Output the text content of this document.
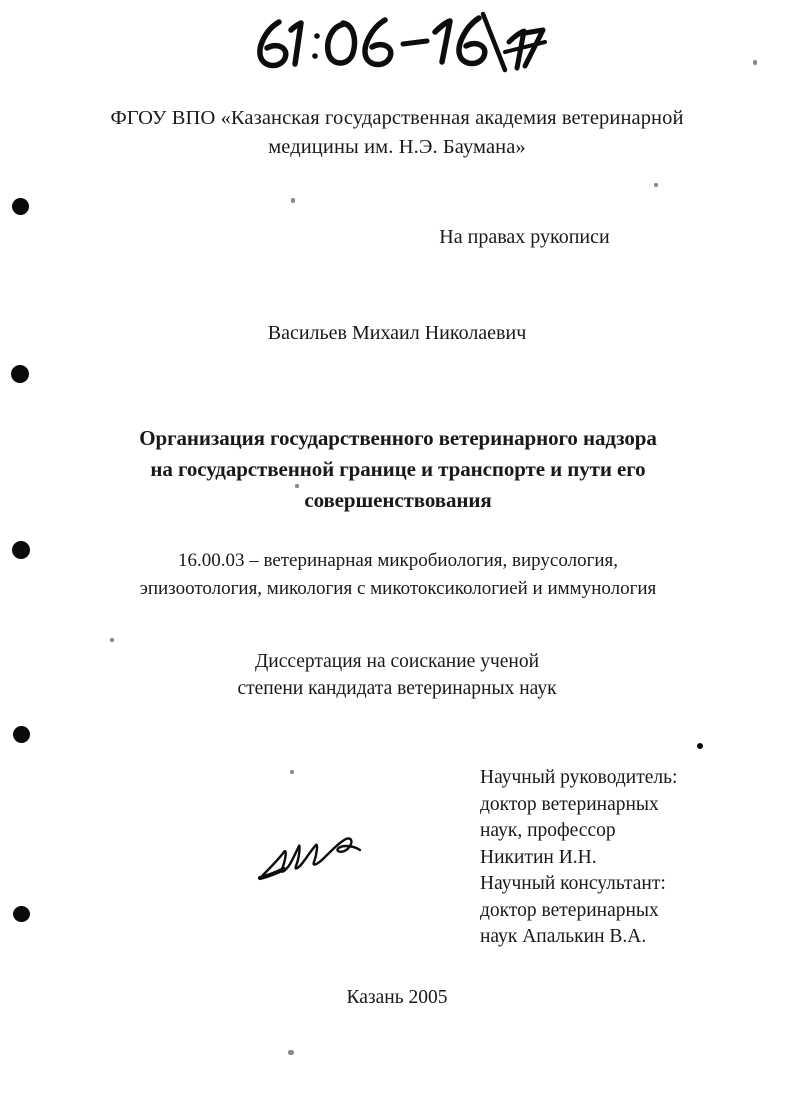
ФГОУ ВПО «Казанская государственная академия ветеринарной
медицины им. Н.Э. Баумана»
На правах рукописи
Васильев Михаил Николаевич
Организация государственного ветеринарного надзора
на государственной границе и транспорте и пути его
совершенствования
16.00.03 – ветеринарная микробиология, вирусология,
эпизоотология, микология с микотоксикологией и иммунология
Диссертация на соискание ученой
степени кандидата ветеринарных наук
Научный руководитель:
доктор ветеринарных
наук, профессор
Никитин И.Н.
Научный консультант:
доктор ветеринарных
наук Апалькин В.А.
Казань 2005
